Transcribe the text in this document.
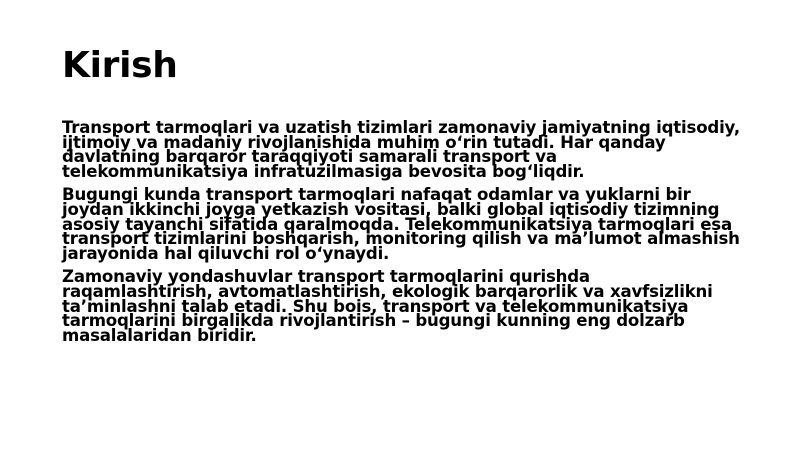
Kirish

Transport tarmoqlari va uzatish tizimlari zamonaviy jamiyatning iqtisodiy, ijtimoiy va madaniy rivojlanishida muhim o‘rin tutadi. Har qanday davlatning barqaror taraqqiyoti samarali transport va telekommunikatsiya infratuzilmasiga bevosita bog‘liqdir.

Bugungi kunda transport tarmoqlari nafaqat odamlar va yuklarni bir joydan ikkinchi joyga yetkazish vositasi, balki global iqtisodiy tizimning asosiy tayanchi sifatida qaralmoqda. Telekommunikatsiya tarmoqlari esa transport tizimlarini boshqarish, monitoring qilish va ma’lumot almashish jarayonida hal qiluvchi rol o‘ynaydi.

Zamonaviy yondashuvlar transport tarmoqlarini qurishda raqamlashtirish, avtomatlashtirish, ekologik barqarorlik va xavfsizlikni ta’minlashni talab etadi. Shu bois, transport va telekommunikatsiya tarmoqlarini birgalikda rivojlantirish – bugungi kunning eng dolzarb masalalaridan biridir.
